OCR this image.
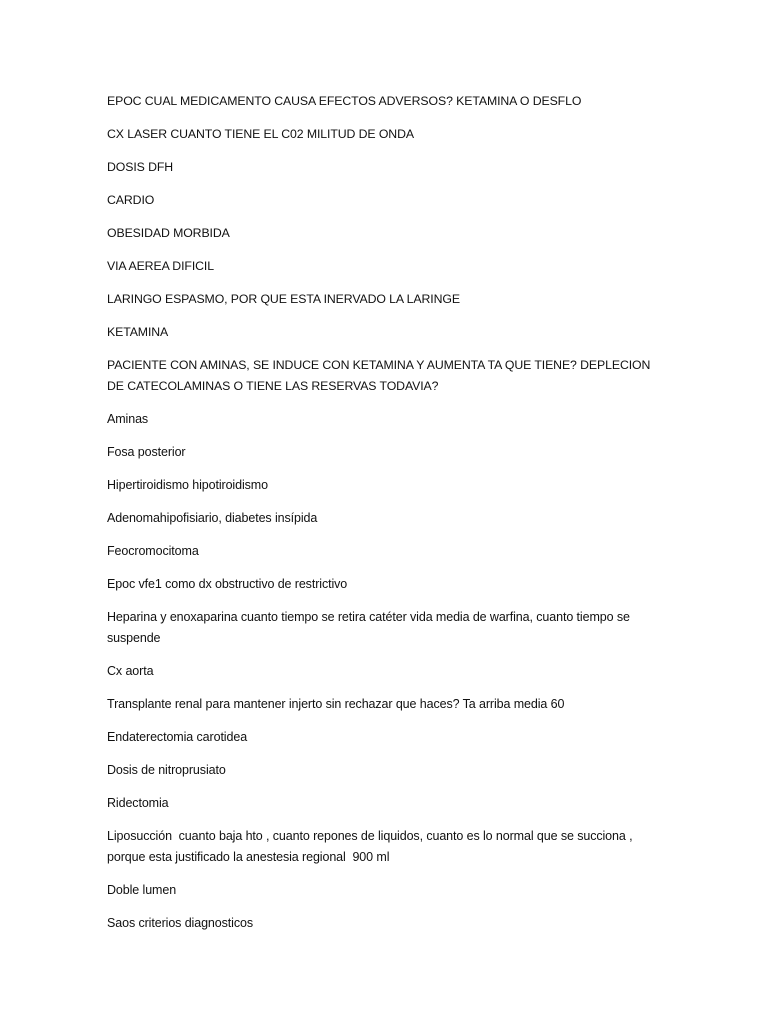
EPOC CUAL MEDICAMENTO CAUSA EFECTOS ADVERSOS? KETAMINA O DESFLO

CX LASER CUANTO TIENE EL C02 MILITUD DE ONDA

DOSIS DFH

CARDIO

OBESIDAD MORBIDA

VIA AEREA DIFICIL

LARINGO ESPASMO, POR QUE ESTA INERVADO LA LARINGE

KETAMINA

PACIENTE CON AMINAS, SE INDUCE CON KETAMINA Y AUMENTA TA QUE TIENE? DEPLECION DE CATECOLAMINAS O TIENE LAS RESERVAS TODAVIA?

Aminas

Fosa posterior

Hipertiroidismo hipotiroidismo

Adenomahipofisiario, diabetes insípida

Feocromocitoma

Epoc vfe1 como dx obstructivo de restrictivo

Heparina y enoxaparina cuanto tiempo se retira catéter vida media de warfina, cuanto tiempo se suspende

Cx aorta

Transplante renal para mantener injerto sin rechazar que haces? Ta arriba media 60

Endaterectomia carotidea

Dosis de nitroprusiato

Ridectomia

Liposucción  cuanto baja hto , cuanto repones de liquidos, cuanto es lo normal que se succiona , porque esta justificado la anestesia regional  900 ml

Doble lumen

Saos criterios diagnosticos
